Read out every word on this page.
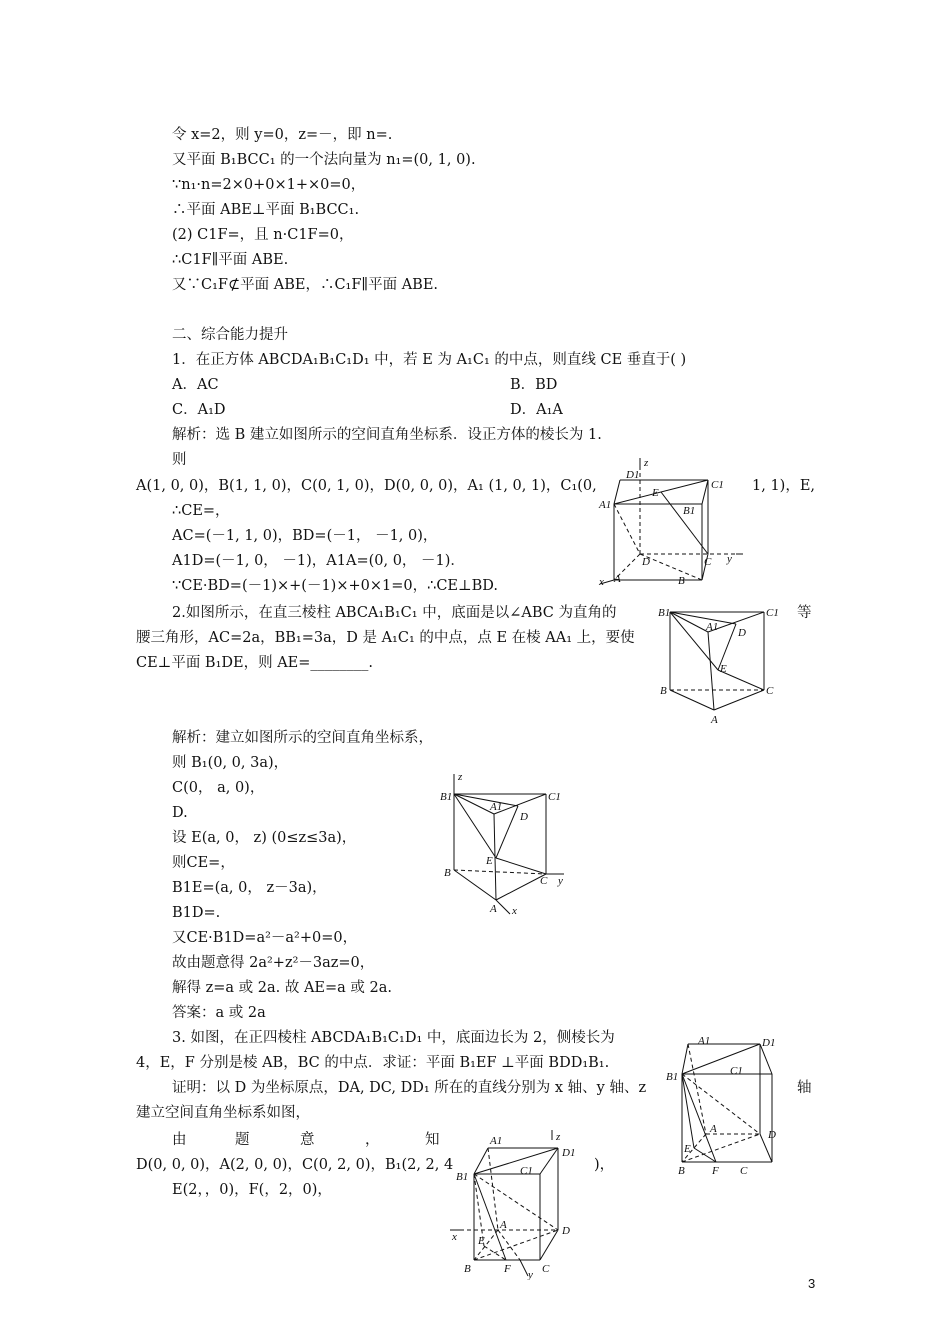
令 x=2，则 y=0，z=－，即 n=.
又平面 B₁BCC₁ 的一个法向量为 n₁=(0, 1, 0).
∵n₁·n=2×0+0×1+×0=0，
∴平面 ABE⊥平面 B₁BCC₁.
(2) C1F=，且 n·C1F=0，
∴C1F∥平面 ABE.
又∵C₁F⊄平面 ABE，∴C₁F∥平面 ABE.
二、综合能力提升
1．在正方体 ABCDA₁B₁C₁D₁ 中，若 E 为 A₁C₁ 的中点，则直线 CE 垂直于( )
A．AC	B．BD
C．A₁D	D．A₁A
解析：选 B 建立如图所示的空间直角坐标系．设正方体的棱长为 1.
则
A(1, 0, 0)，B(1, 1, 0)，C(0, 1, 0)，D(0, 0, 0)，A₁ (1, 0, 1)，C₁(0,	1, 1)，E,
∴CE=，
AC=(－1, 1, 0)，BD=(－1， －1, 0)，
A1D=(－1, 0， －1)，A1A=(0, 0， －1)．
∵CE·BD=(－1)×+(－1)×+0×1=0，∴CE⊥BD.
2.如图所示，在直三棱柱 ABCA₁B₁C₁ 中，底面是以∠ABC 为直角的	等
腰三角形，AC=2a，BB₁=3a，D 是 A₁C₁ 的中点，点 E 在棱 AA₁ 上，要使
CE⊥平面 B₁DE，则 AE=________.
解析：建立如图所示的空间直角坐标系，
则 B₁(0, 0, 3a)，
C(0， a, 0)，
D.
设 E(a, 0， z) (0≤z≤3a)，
则CE=，
B1E=(a, 0， z－3a)，
B1D=.
又CE·B1D=a²－a²+0=0，
故由题意得 2a²+z²－3az=0，
解得 z=a 或 2a. 故 AE=a 或 2a.
答案：a 或 2a
3. 如图，在正四棱柱 ABCDA₁B₁C₁D₁ 中，底面边长为 2，侧棱长为
4，E，F 分别是棱 AB，BC 的中点．求证：平面 B₁EF ⊥平面 BDD₁B₁.
证明：以 D 为坐标原点，DA, DC, DD₁ 所在的直线分别为 x 轴、y 轴、z	轴
建立空间直角坐标系如图，
由	题	意	，	知
D(0, 0, 0)，A(2, 0, 0)，C(0, 2, 0)，B₁(2, 2, 4	)，
E(2，，0)，F(，2，0)，
3
D1
E
C1
A1	B1
D	C
A	B
z
y
x
B1	C1
A1 D
E
B	C
A
B1	C1
A1
D
E
B
C
A
z
y
x
A1	D1
C1
B1
A	D
E
B F C
A1
D1
C1
B1
A	D
E
B	F	C
z
y
x
